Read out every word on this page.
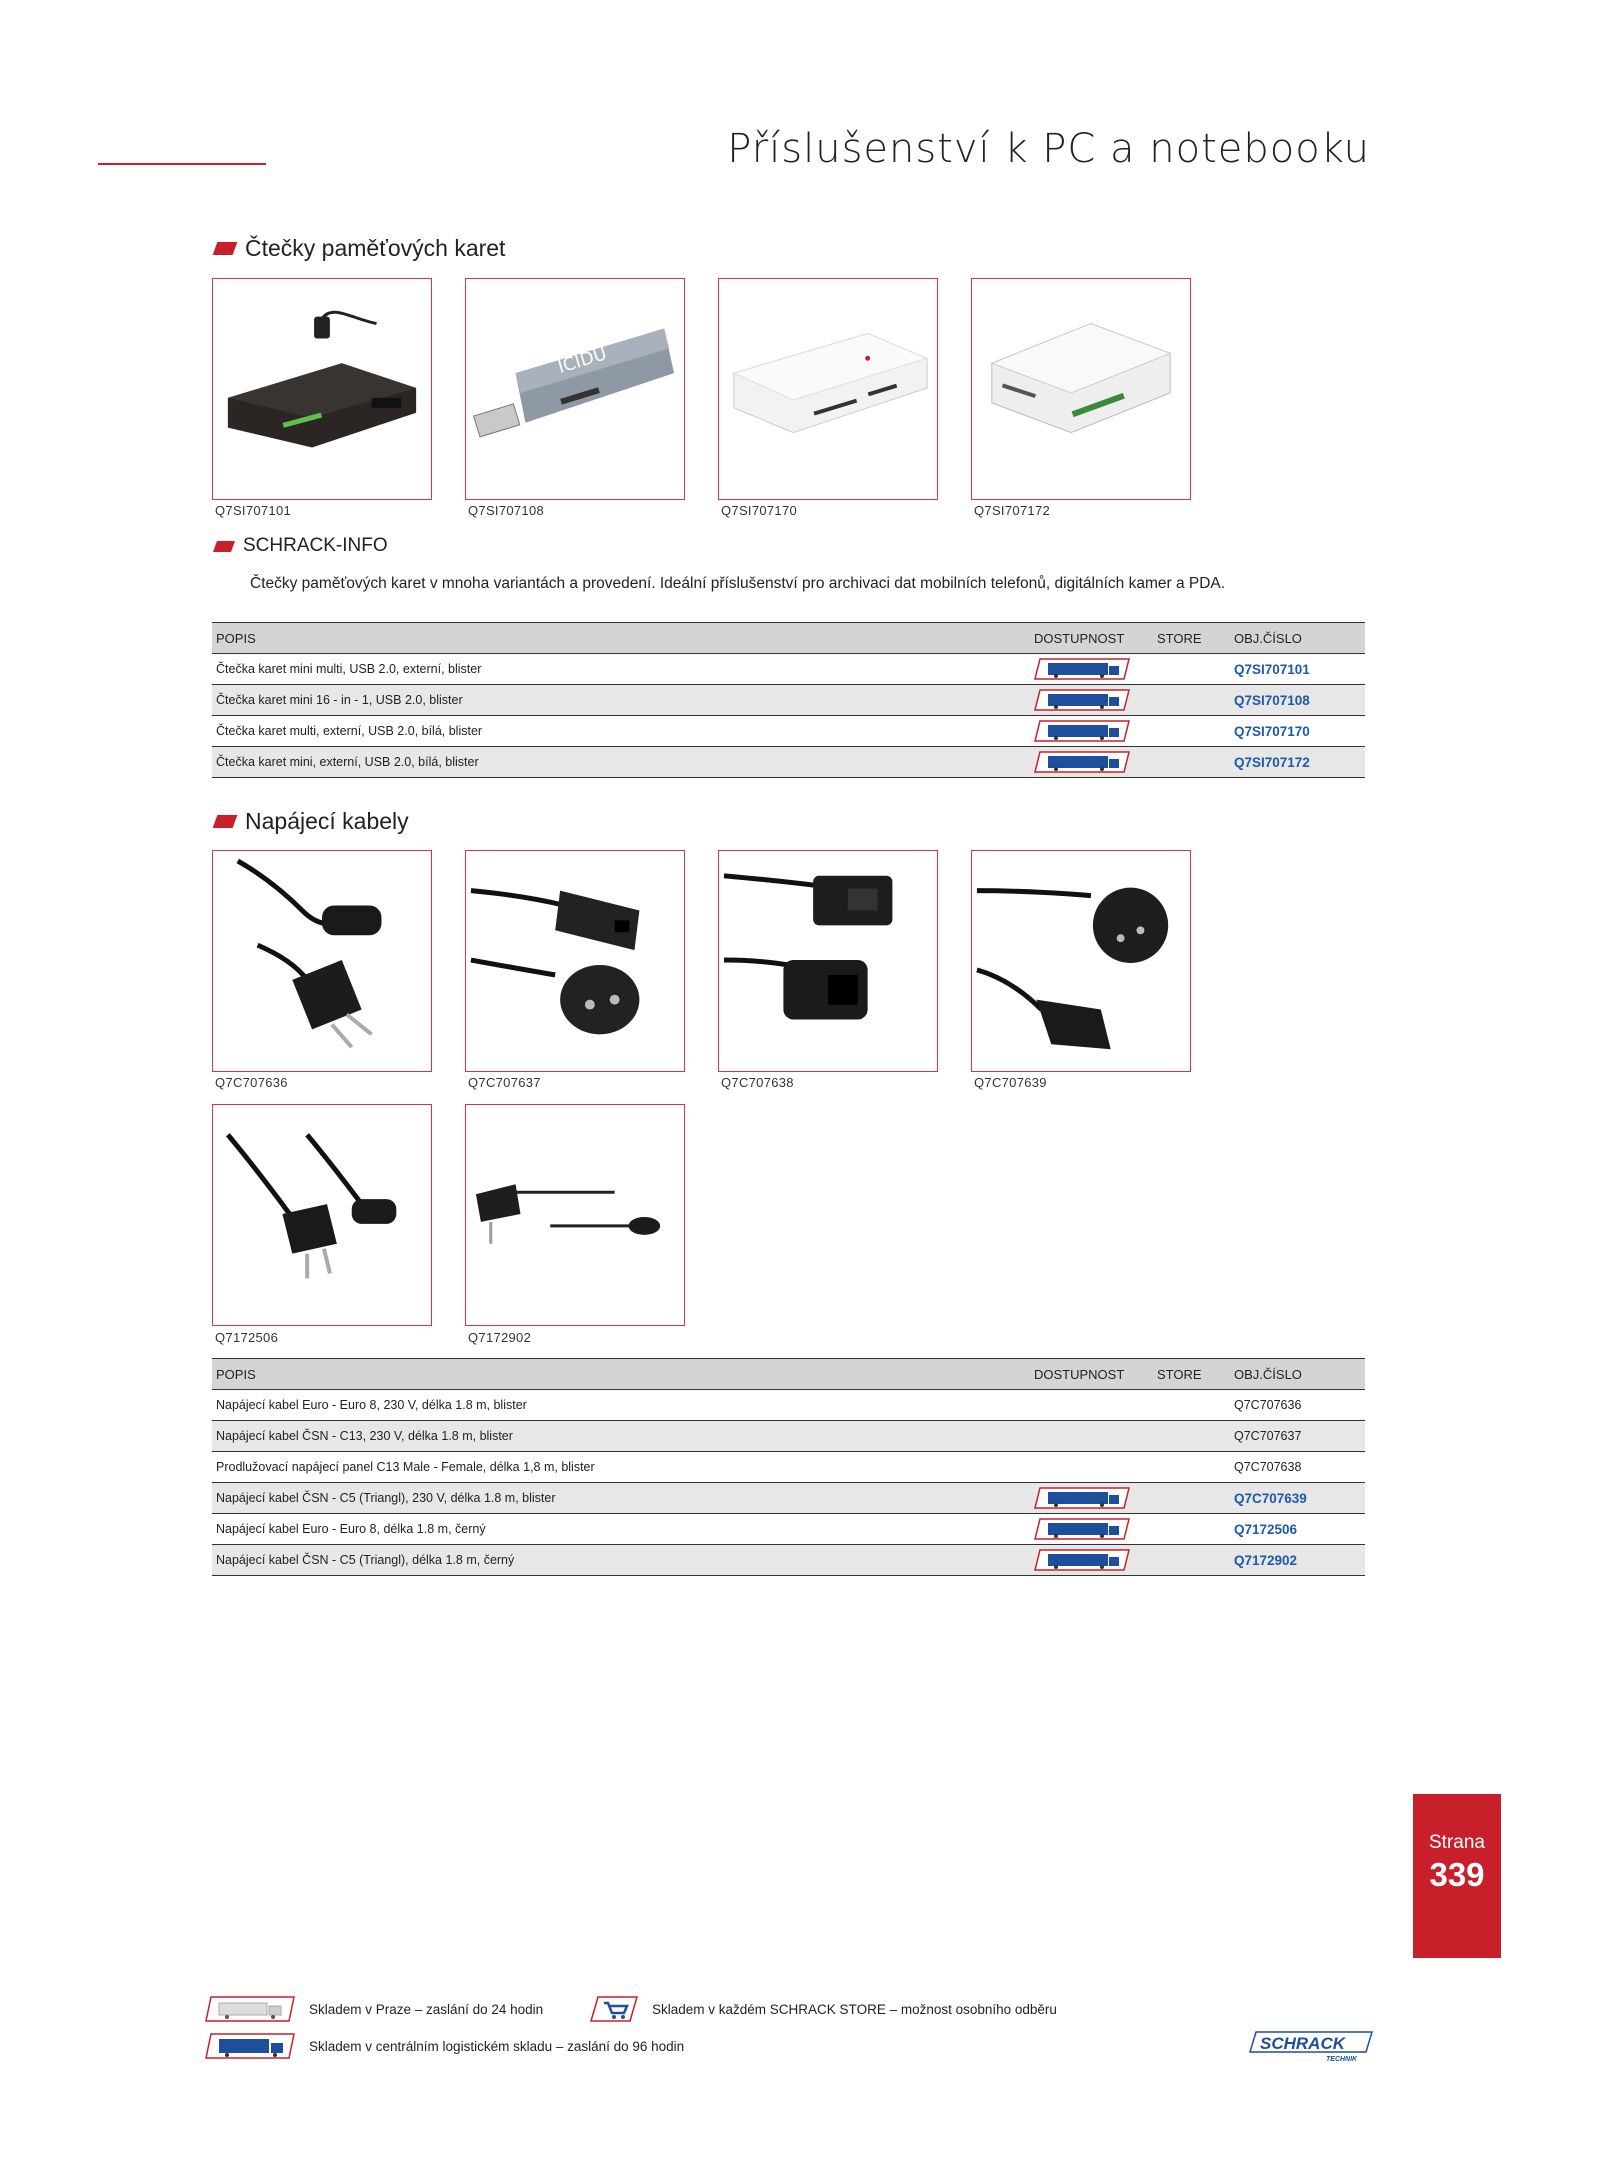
Příslušenství k PC a notebooku
Čtečky paměťových karet
ICIDU
Q7SI707101	Q7SI707108	Q7SI707170	Q7SI707172
SCHRACK-INFO
Čtečky paměťových karet v mnoha variantách a provedení. Ideální příslušenství pro archivaci dat mobilních telefonů, digitálních kamer a PDA.
POPIS	DOSTUPNOST	STORE	OBJ.ČÍSLO
Čtečka karet mini multi, USB 2.0, externí, blister			Q7SI707101
Čtečka karet mini 16 - in - 1, USB 2.0, blister			Q7SI707108
Čtečka karet multi, externí, USB 2.0, bílá, blister			Q7SI707170
Čtečka karet mini, externí, USB 2.0, bílá, blister			Q7SI707172
Napájecí kabely
Q7C707636	Q7C707637	Q7C707638	Q7C707639
Q7172506	Q7172902
POPIS	DOSTUPNOST	STORE	OBJ.ČÍSLO
Napájecí kabel Euro - Euro 8, 230 V, délka 1.8 m, blister			Q7C707636
Napájecí kabel ČSN - C13, 230 V, délka 1.8 m, blister			Q7C707637
Prodlužovací napájecí panel C13 Male - Female, délka 1,8 m, blister			Q7C707638
Napájecí kabel ČSN - C5 (Triangl), 230 V, délka 1.8 m, blister			Q7C707639
Napájecí kabel Euro - Euro 8, délka 1.8 m, černý			Q7172506
Napájecí kabel ČSN - C5 (Triangl), délka 1.8 m, černý			Q7172902
Strana
339
Skladem v Praze – zaslání do 24 hodin	Skladem v každém SCHRACK STORE – možnost osobního odběru
Skladem v centrálním logistickém skladu – zaslání do 96 hodin	SCHRACK
TECHNIK
